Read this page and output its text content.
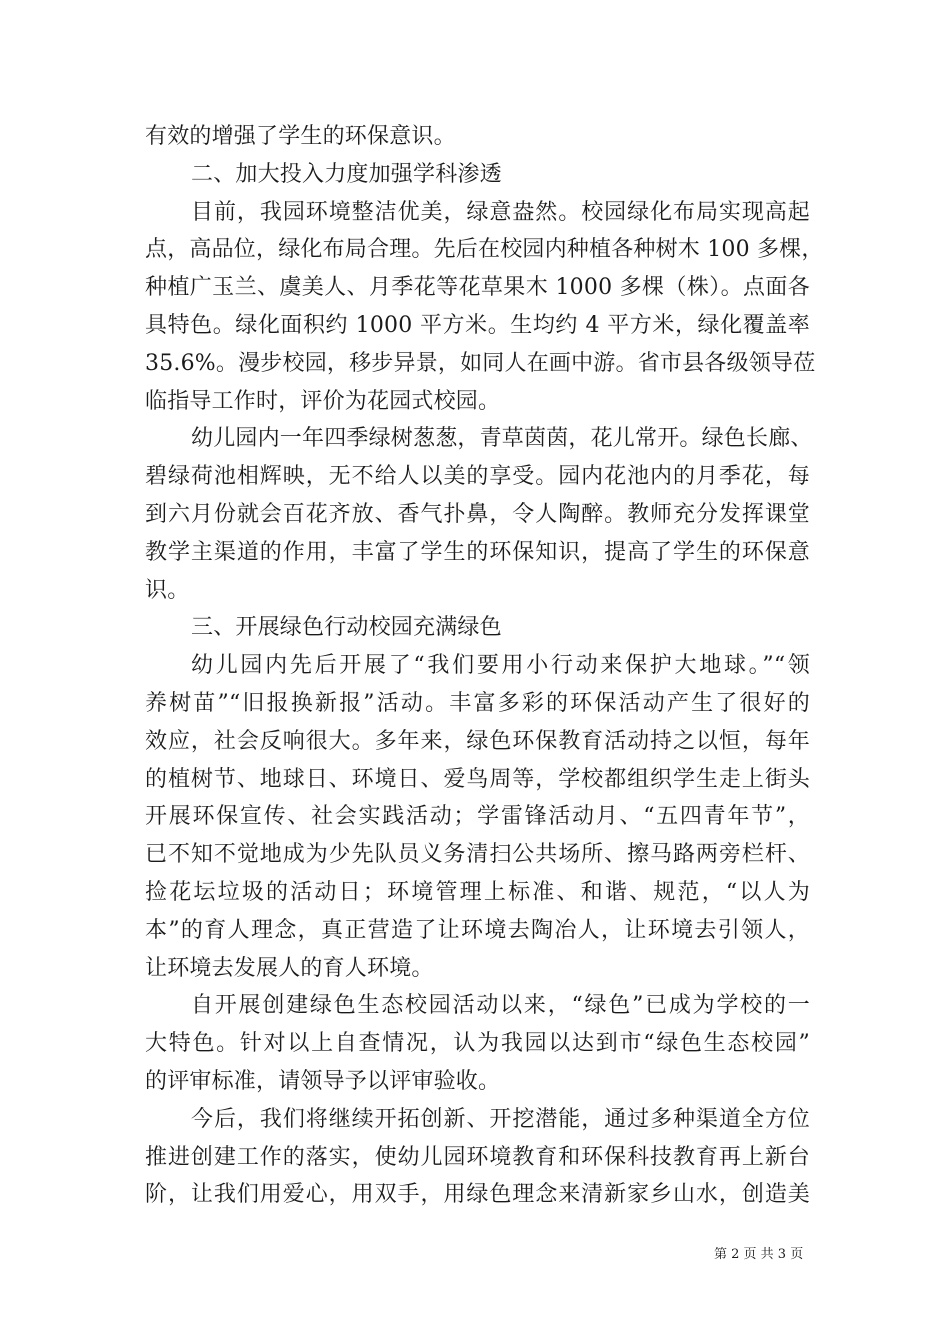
有效的增强了学生的环保意识。
二、加大投入力度加强学科渗透
目前，我园环境整洁优美，绿意盎然。校园绿化布局实现高起
点，高品位，绿化布局合理。先后在校园内种植各种树木 100 多棵，
种植广玉兰、虞美人、月季花等花草果木 1000 多棵（株）。点面各
具特色。绿化面积约 1000 平方米。生均约 4 平方米，绿化覆盖率
35.6%。漫步校园，移步异景，如同人在画中游。省市县各级领导莅
临指导工作时，评价为花园式校园。
幼儿园内一年四季绿树葱葱，青草茵茵，花儿常开。绿色长廊、
碧绿荷池相辉映，无不给人以美的享受。园内花池内的月季花，每
到六月份就会百花齐放、香气扑鼻，令人陶醉。教师充分发挥课堂
教学主渠道的作用，丰富了学生的环保知识，提高了学生的环保意
识。
三、开展绿色行动校园充满绿色
幼儿园内先后开展了“我们要用小行动来保护大地球。”“领
养树苗”“旧报换新报”活动。丰富多彩的环保活动产生了很好的
效应，社会反响很大。多年来，绿色环保教育活动持之以恒，每年
的植树节、地球日、环境日、爱鸟周等，学校都组织学生走上街头
开展环保宣传、社会实践活动；学雷锋活动月、“五四青年节”，
已不知不觉地成为少先队员义务清扫公共场所、擦马路两旁栏杆、
捡花坛垃圾的活动日；环境管理上标准、和谐、规范，“以人为
本”的育人理念，真正营造了让环境去陶冶人，让环境去引领人，
让环境去发展人的育人环境。
自开展创建绿色生态校园活动以来，“绿色”已成为学校的一
大特色。针对以上自查情况，认为我园以达到市“绿色生态校园”
的评审标准，请领导予以评审验收。
今后，我们将继续开拓创新、开挖潜能，通过多种渠道全方位
推进创建工作的落实，使幼儿园环境教育和环保科技教育再上新台
阶，让我们用爱心，用双手，用绿色理念来清新家乡山水，创造美
第 2 页 共 3 页
